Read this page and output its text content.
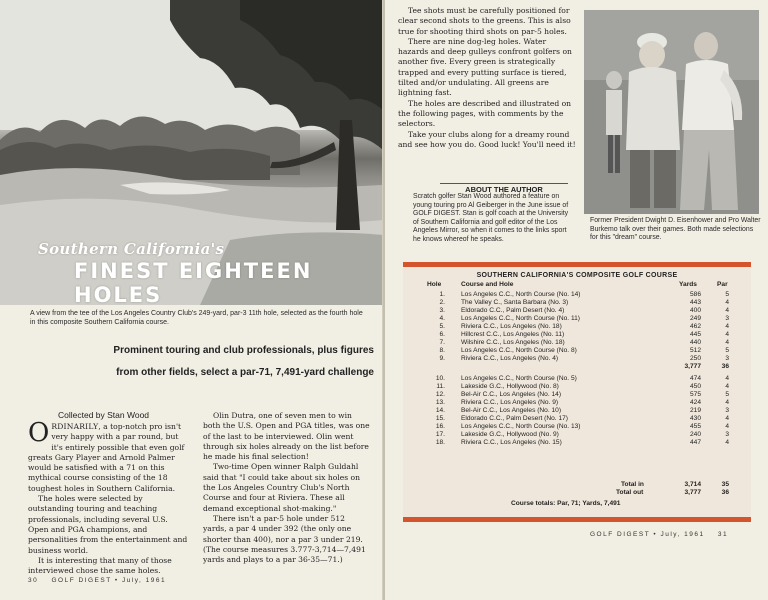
Southern California's
FINEST EIGHTEEN HOLES
A view from the tee of the Los Angeles Country Club's 249-yard, par-3 11th hole, selected as the fourth hole in this composite Southern California course.
Prominent touring and club professionals, plus figures
from other fields, select a par-71, 7,491-yard challenge
Collected by Stan Wood

ORDINARILY, a top-notch pro isn't very happy with a par round, but it's entirely possible that even golf greats Gary Player and Arnold Palmer would be satisfied with a 71 on this mythical course consisting of the 18 toughest holes in Southern California.

The holes were selected by outstanding touring and teaching professionals, including several U.S. Open and PGA champions, and personalities from the entertainment and business world.

It is interesting that many of those interviewed chose the same holes.

Olin Dutra, one of seven men to win both the U.S. Open and PGA titles, was one of the last to be interviewed. Olin went through six holes already on the list before he made his final selection!

Two-time Open winner Ralph Guldahl said that "I could take about six holes on the Los Angeles Country Club's North Course and four at Riviera. These all demand exceptional shot-making."

There isn't a par-5 hole under 512 yards, a par 4 under 392 (the only one shorter than 400), nor a par 3 under 219. (The course measures 3.777-3,714—7,491 yards and plays to a par 36-35—71.)

30 GOLF DIGEST • July, 1961

Tee shots must be carefully positioned for clear second shots to the greens. This is also true for shooting third shots on par-5 holes.

There are nine dog-leg holes. Water hazards and deep gulleys confront golfers on another five. Every green is strategically trapped and every putting surface is tiered, tilted and/or undulating. All greens are lightning fast.

The holes are described and illustrated on the following pages, with comments by the selectors.

Take your clubs along for a dreamy round and see how you do. Good luck! You'll need it!

Former President Dwight D. Eisenhower and Pro Walter Burkemo talk over their games. Both made selections for this "dream" course.
ABOUT THE AUTHOR
Scratch golfer Stan Wood authored a feature on young touring pro Al Geiberger in the June issue of GOLF DIGEST. Stan is golf coach at the University of Southern California and golf editor of the Los Angeles Mirror, so when it comes to the links sport he knows whereof he speaks.
SOUTHERN CALIFORNIA'S COMPOSITE GOLF COURSE
Hole	Course and Hole	Yards	Par
1. Los Angeles C.C., North Course (No. 14)	586	5
2. The Valley C., Santa Barbara (No. 3)	443	4
3. Eldorado C.C., Palm Desert (No. 4)	400	4
4. Los Angeles C.C., North Course (No. 11)	249	3
5. Riviera C.C., Los Angeles (No. 18)	462	4
6. Hillcrest C.C., Los Angeles (No. 11)	445	4
7. Wilshire C.C., Los Angeles (No. 18)	440	4
8. Los Angeles C.C., North Course (No. 8)	512	5
9. Riviera C.C., Los Angeles (No. 4)	250	3
3,777	36
10. Los Angeles C.C., North Course (No. 5)	474	4
11. Lakeside G.C., Hollywood (No. 8)	450	4
12. Bel-Air C.C., Los Angeles (No. 14)	575	5
13. Riviera C.C., Los Angeles (No. 9)	424	4
14. Bel-Air C.C., Los Angeles (No. 10)	219	3
15. Eldorado C.C., Palm Desert (No. 17)	430	4
16. Los Angeles C.C., North Course (No. 13)	455	4
17. Lakeside G.C., Hollywood (No. 9)	240	3
18. Riviera C.C., Los Angeles (No. 15)	447	4
Total in	3,714	35
Total out	3,777	36
Course totals: Par, 71; Yards, 7,491
GOLF DIGEST • July, 1961 31
